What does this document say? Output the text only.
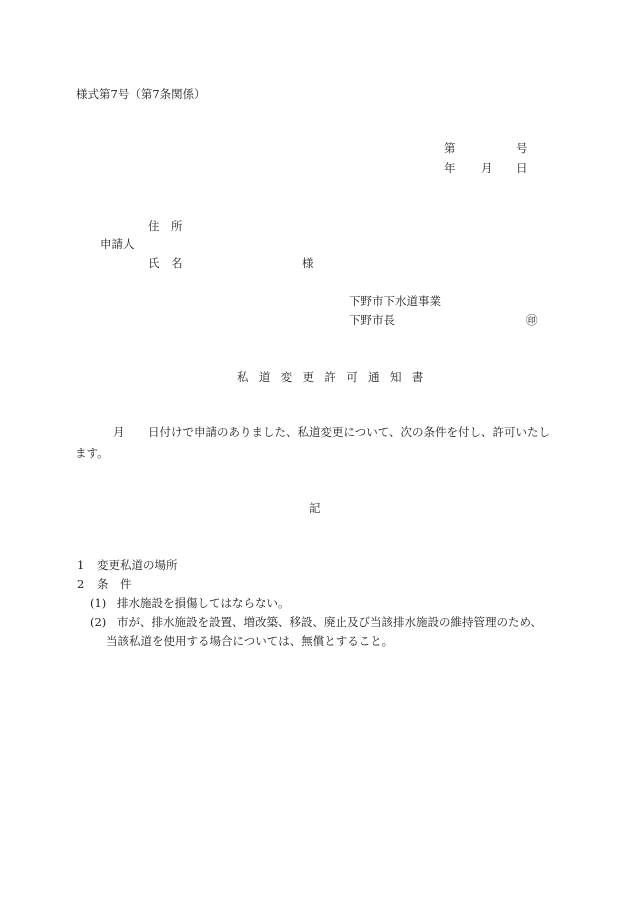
様式第7号（第7条関係）
第	号
年 月 日
住　所
申請人
氏　名	様
下野市下水道事業
下野市長	㊞
私道変更許可通知書
月	日付けで申請のありました、私道変更について、次の条件を付し、許可いたします。
記
1 変更私道の場所
2 条　件
(1) 排水施設を損傷してはならない。
(2) 市が、排水施設を設置、増改築、移設、廃止及び当該排水施設の維持管理のため、
当該私道を使用する場合については、無償とすること。
